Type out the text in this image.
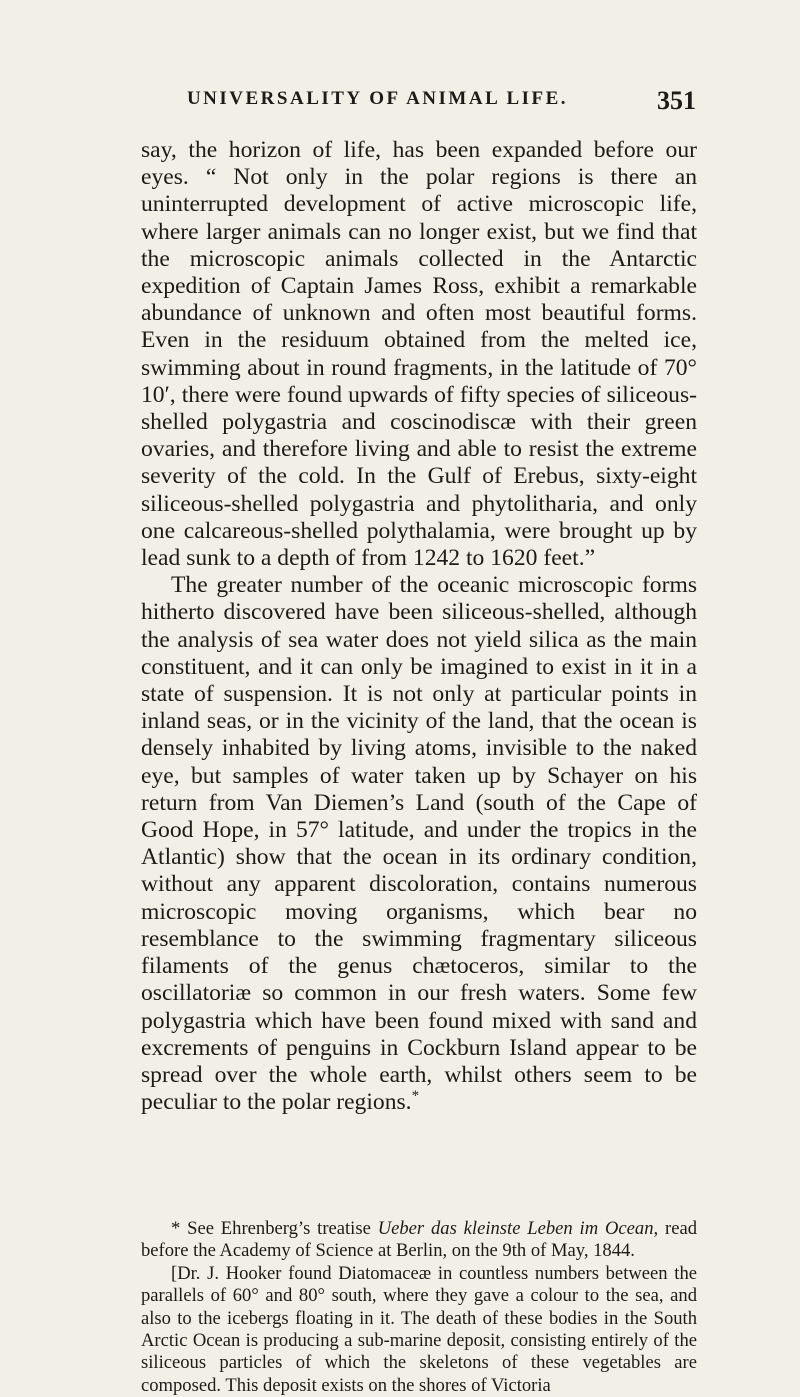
UNIVERSALITY OF ANIMAL LIFE.	351

say, the horizon of life, has been expanded before our eyes. “ Not only in the polar regions is there an uninterrupted development of active microscopic life, where larger animals can no longer exist, but we find that the microscopic animals collected in the Antarctic expedition of Captain James Ross, exhibit a remarkable abundance of unknown and often most beautiful forms. Even in the residuum obtained from the melted ice, swimming about in round fragments, in the latitude of 70° 10′, there were found upwards of fifty species of siliceous-shelled polygastria and coscinodiscæ with their green ovaries, and therefore living and able to resist the extreme severity of the cold. In the Gulf of Erebus, sixty-eight siliceous-shelled polygastria and phytolitharia, and only one calcareous-shelled polythalamia, were brought up by lead sunk to a depth of from 1242 to 1620 feet.”

The greater number of the oceanic microscopic forms hitherto discovered have been siliceous-shelled, although the analysis of sea water does not yield silica as the main constituent, and it can only be imagined to exist in it in a state of suspension. It is not only at particular points in inland seas, or in the vicinity of the land, that the ocean is densely inhabited by living atoms, invisible to the naked eye, but samples of water taken up by Schayer on his return from Van Diemen’s Land (south of the Cape of Good Hope, in 57° latitude, and under the tropics in the Atlantic) show that the ocean in its ordinary condition, without any apparent discoloration, contains numerous microscopic moving organisms, which bear no resemblance to the swimming fragmentary siliceous filaments of the genus chætoceros, similar to the oscillatoriæ so common in our fresh waters. Some few polygastria which have been found mixed with sand and excrements of penguins in Cockburn Island appear to be spread over the whole earth, whilst others seem to be peculiar to the polar regions.*

* See Ehrenberg’s treatise Ueber das kleinste Leben im Ocean, read before the Academy of Science at Berlin, on the 9th of May, 1844.

[Dr. J. Hooker found Diatomaceæ in countless numbers between the parallels of 60° and 80° south, where they gave a colour to the sea, and also to the icebergs floating in it. The death of these bodies in the South Arctic Ocean is producing a sub-marine deposit, consisting entirely of the siliceous particles of which the skeletons of these vegetables are composed. This deposit exists on the shores of Victoria
